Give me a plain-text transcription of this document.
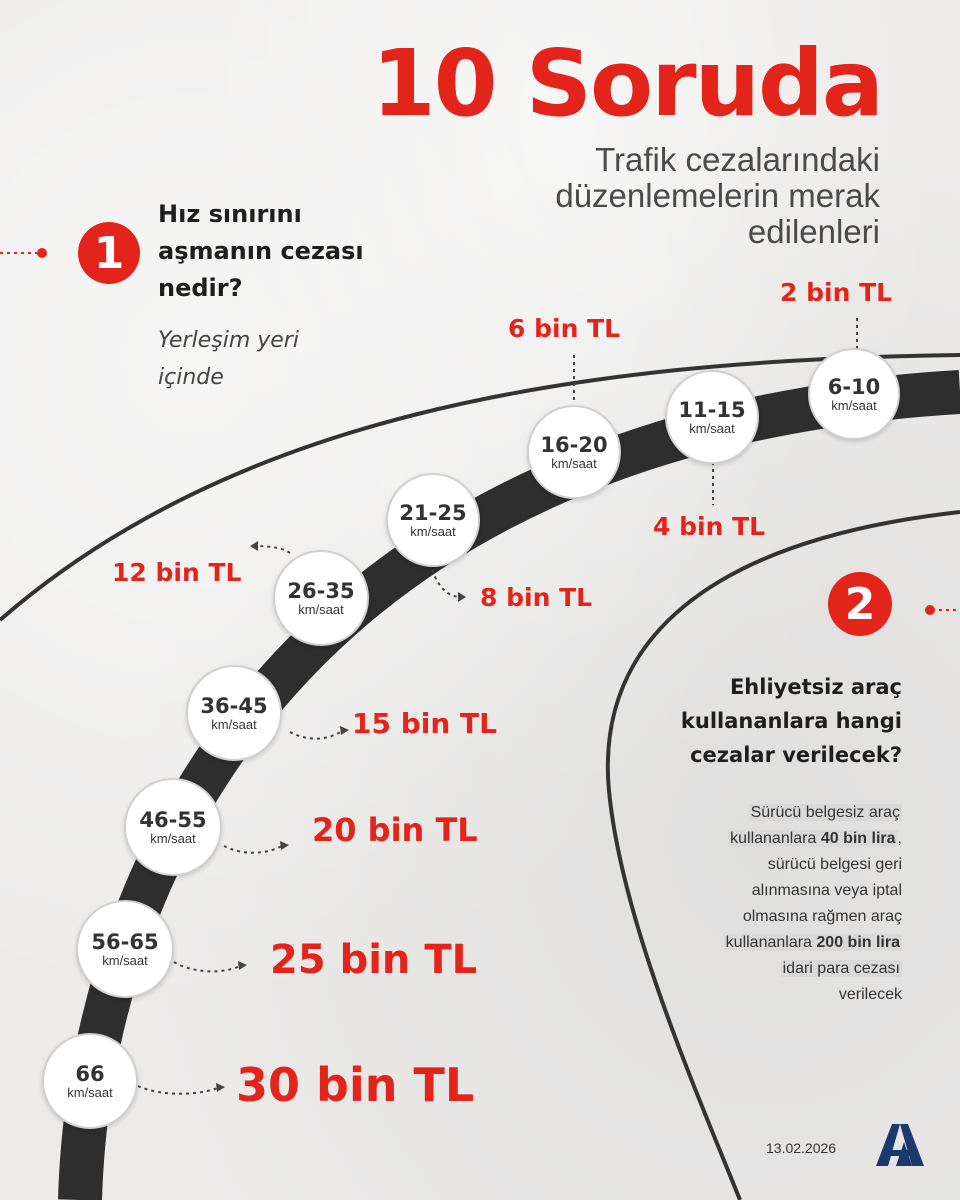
10 Soruda
Trafik cezalarındaki düzenlemelerin merak edilenleri
1
Hız sınırını aşmanın cezası nedir?
Yerleşim yeri içinde	6-10
km/saat
11-15
km/saat
16-20
km/saat
21-25
km/saat
26-35
km/saat
36-45
km/saat
46-55
km/saat
56-65
km/saat
66
km/saat
2 bin TL
4 bin TL
6 bin TL
8 bin TL
12 bin TL
15 bin TL
20 bin TL
25 bin TL
30 bin TL
2
Ehliyetsiz araç kullananlara hangi cezalar verilecek?
Sürücü belgesiz araç
kullananlara 40 bin lira ,
sürücü belgesi geri
alınmasına veya iptal
olmasına rağmen araç
kullananlara 200 bin lira
idari para cezası
verilecek
13.02.2026
